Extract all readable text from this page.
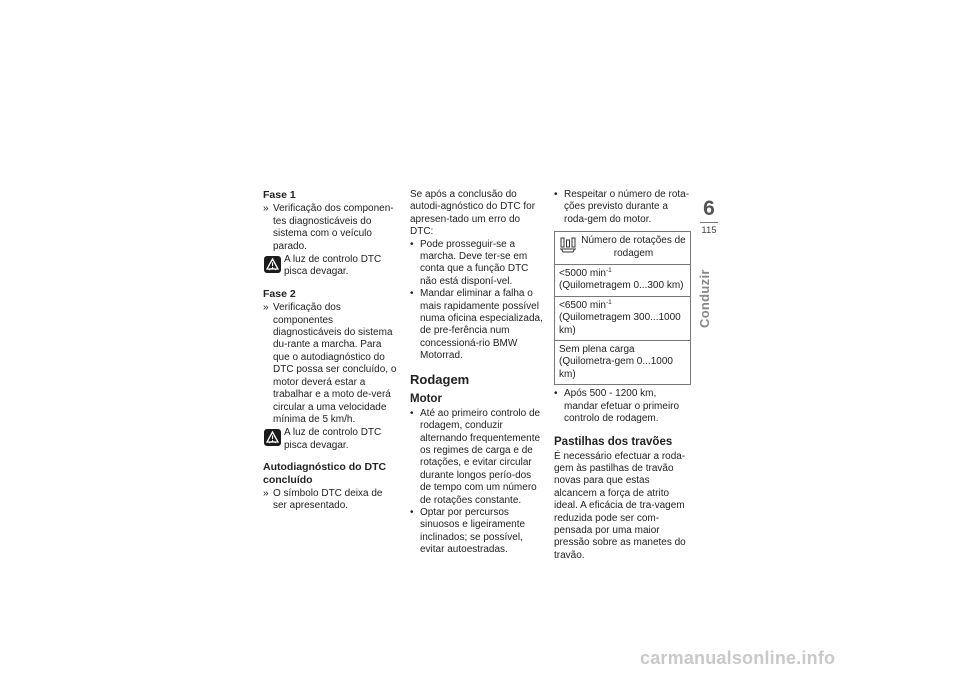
Fase 1
» Verificação dos componen-tes diagnosticáveis do sistema com o veículo parado.
A luz de controlo DTC pisca devagar.
Fase 2
» Verificação dos componentes diagnosticáveis do sistema du-rante a marcha. Para que o autodiagnóstico do DTC possa ser concluído, o motor deverá estar a trabalhar e a moto de-verá circular a uma velocidade mínima de 5 km/h.
A luz de controlo DTC pisca devagar.
Autodiagnóstico do DTC concluído
» O símbolo DTC deixa de ser apresentado.

Se após a conclusão do autodi-agnóstico do DTC for apresen-tado um erro do DTC:

• Pode prosseguir-se a marcha. Deve ter-se em conta que a função DTC não está disponí-vel.
• Mandar eliminar a falha o mais rapidamente possível numa oficina especializada, de pre-ferência num concessioná-rio BMW Motorrad.
Rodagem
Motor
• Até ao primeiro controlo de rodagem, conduzir alternando frequentemente os regimes de carga e de rotações, e evitar circular durante longos perío-dos de tempo com um número de rotações constante.
• Optar por percursos sinuosos e ligeiramente inclinados; se possível, evitar autoestradas.
• Respeitar o número de rota-ções previsto durante a roda-gem do motor.
Número de rotações de rodagem
<5000 $\min^{-1}$ (Quilometragem 0...300 km)
<6500 $\min^{-1}$ (Quilometragem 300...1000 km)
Sem plena carga (Quilometra-gem 0...1000 km)
• Após 500 - 1200 km, mandar efetuar o primeiro controlo de rodagem.
Pastilhas dos travões

É necessário efectuar a roda-gem às pastilhas de travão novas para que estas alcancem a força de atrito ideal. A eficácia de tra-vagem reduzida pode ser com-pensada por uma maior pressão sobre as manetes do travão.

6
115
Conduzir
carmanualsonline.info
